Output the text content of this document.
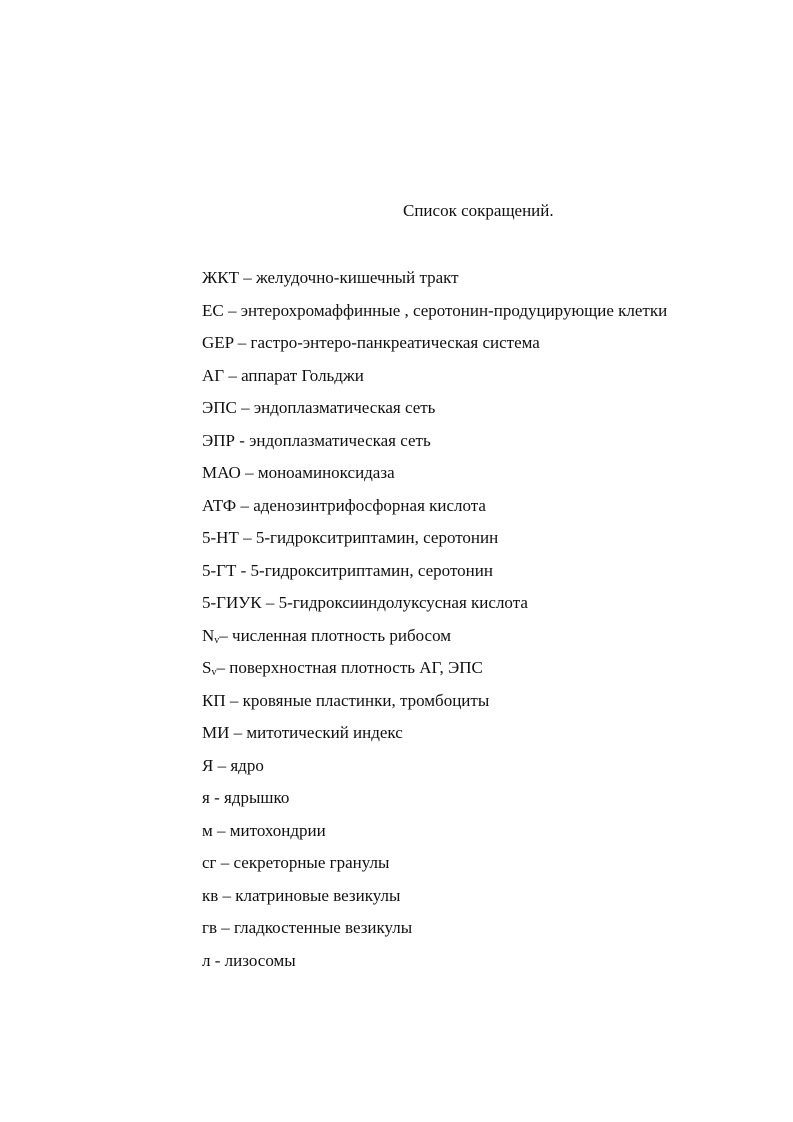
Список сокращений.
ЖКТ – желудочно-кишечный тракт
ЕС – энтерохромаффинные , серотонин-продуцирующие клетки
GEP – гастро-энтеро-панкреатическая система
АГ – аппарат Гольджи
ЭПС – эндоплазматическая сеть
ЭПР - эндоплазматическая сеть
МАО – моноаминоксидаза
АТФ – аденозинтрифосфорная кислота
5-НТ – 5-гидрокситриптамин, серотонин
5-ГТ - 5-гидрокситриптамин, серотонин
5-ГИУК – 5-гидроксииндолуксусная кислота
$N_v-$ численная плотность рибосом
$S_v-$ поверхностная плотность АГ, ЭПС
КП – кровяные пластинки, тромбоциты
МИ – митотический индекс
Я – ядро
я - ядрышко
м – митохондрии
сг – секреторные гранулы
кв – клатриновые везикулы
гв – гладкостенные везикулы
л - лизосомы
